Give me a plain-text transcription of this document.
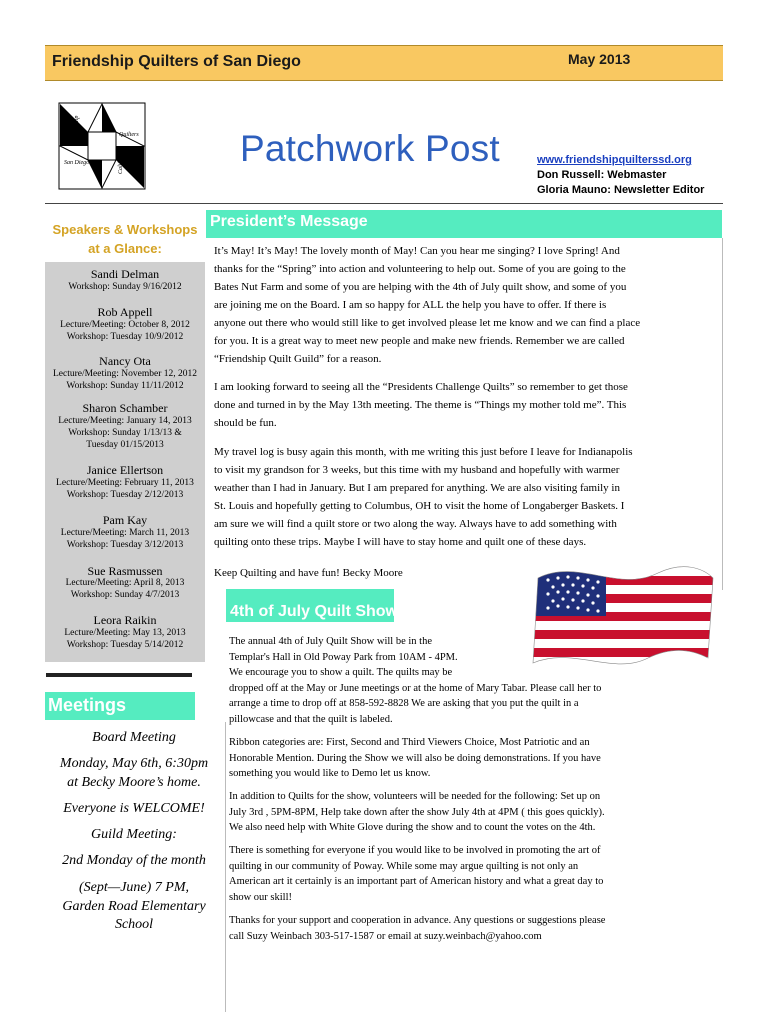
Friendship Quilters of San Diego	May 2013
Quilters
Friendship
San Diego	California	Patchwork Post	www.friendshipquilterssd.org
Don Russell: Webmaster
Gloria Mauno: Newsletter Editor
Speakers & Workshops
at a Glance:
Sandi Delman
Workshop: Sunday 9/16/2012
Rob Appell
Lecture/Meeting: October 8, 2012
Workshop: Tuesday 10/9/2012
Nancy Ota
Lecture/Meeting: November 12, 2012
Workshop: Sunday 11/11/2012
Sharon Schamber
Lecture/Meeting: January 14, 2013
Workshop: Sunday 1/13/13 &
Tuesday 01/15/2013
Janice Ellertson
Lecture/Meeting: February 11, 2013
Workshop: Tuesday 2/12/2013
Pam Kay
Lecture/Meeting: March 11, 2013
Workshop: Tuesday 3/12/2013
Sue Rasmussen
Lecture/Meeting: April 8, 2013
Workshop: Sunday 4/7/2013
Leora Raikin
Lecture/Meeting: May 13, 2013
Workshop: Tuesday 5/14/2012
Meetings
Board Meeting
Monday, May 6th, 6:30pm
at Becky Moore’s home.
Everyone is WELCOME!
Guild Meeting:
2nd Monday of the month
(Sept—June) 7 PM,
Garden Road Elementary
School
President’s Message
It’s May! It’s May! The lovely month of May! Can you hear me singing? I love Spring! And
thanks for the “Spring” into action and volunteering to help out. Some of you are going to the
Bates Nut Farm and some of you are helping with the 4th of July quilt show, and some of you
are joining me on the Board. I am so happy for ALL the help you have to offer. If there is
anyone out there who would still like to get involved please let me know and we can find a place
for you. It is a great way to meet new people and make new friends. Remember we are called
“Friendship Quilt Guild” for a reason.
I am looking forward to seeing all the “Presidents Challenge Quilts” so remember to get those
done and turned in by the May 13th meeting. The theme is “Things my mother told me”. This
should be fun.
My travel log is busy again this month, with me writing this just before I leave for Indianapolis
to visit my grandson for 3 weeks, but this time with my husband and hopefully with warmer
weather than I had in January. But I am prepared for anything. We are also visiting family in
St. Louis and hopefully getting to Columbus, OH to visit the home of Longaberger Baskets. I
am sure we will find a quilt store or two along the way. Always have to add something with
quilting onto these trips. Maybe I will have to stay home and quilt one of these days.
Keep Quilting and have fun! Becky Moore
4th of July Quilt Show
The annual 4th of July Quilt Show will be in the
Templar's Hall in Old Poway Park from 10AM - 4PM.
We encourage you to show a quilt. The quilts may be
dropped off at the May or June meetings or at the home of Mary Tabar. Please call her to
arrange a time to drop off at 858-592-8828 We are asking that you put the quilt in a
pillowcase and that the quilt is labeled.
Ribbon categories are: First, Second and Third Viewers Choice, Most Patriotic and an
Honorable Mention. During the Show we will also be doing demonstrations. If you have
something you would like to Demo let us know.
In addition to Quilts for the show, volunteers will be needed for the following: Set up on
July 3rd , 5PM-8PM, Help take down after the show July 4th at 4PM ( this goes quickly).
We also need help with White Glove during the show and to count the votes on the 4th.
There is something for everyone if you would like to be involved in promoting the art of
quilting in our community of Poway. While some may argue quilting is not only an
American art it certainly is an important part of American history and what a great day to
show our skill!
Thanks for your support and cooperation in advance. Any questions or suggestions please
call Suzy Weinbach 303-517-1587 or email at suzy.weinbach@yahoo.com
